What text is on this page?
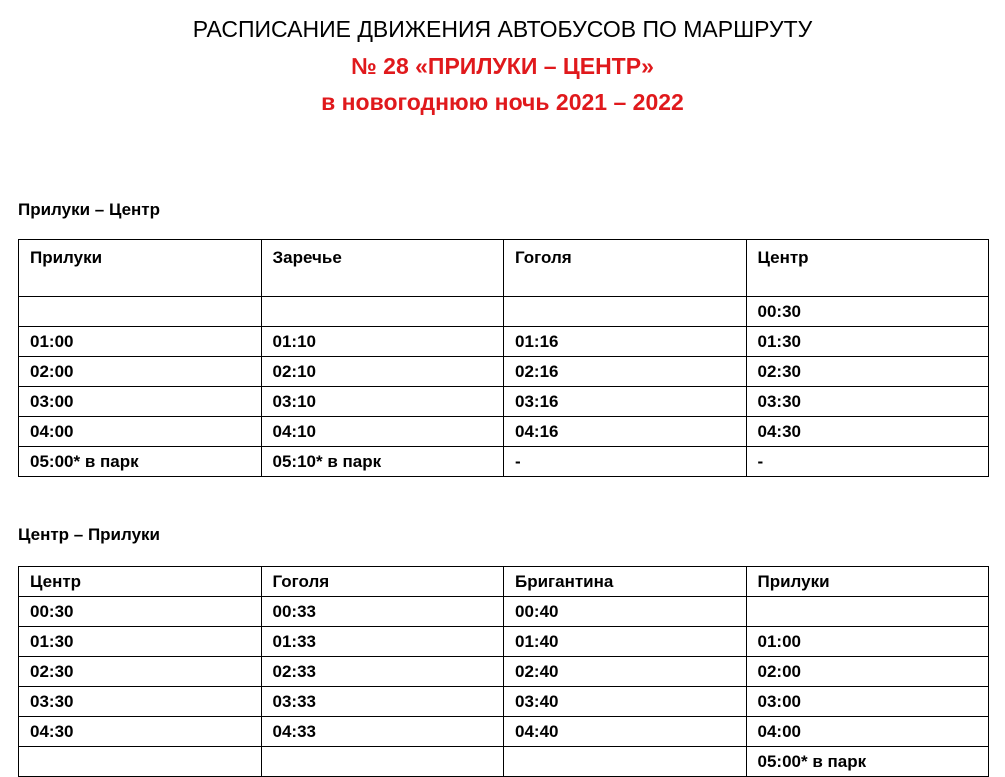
РАСПИСАНИЕ ДВИЖЕНИЯ АВТОБУСОВ ПО МАРШРУТУ
№ 28 «ПРИЛУКИ – ЦЕНТР»
в новогоднюю ночь 2021 – 2022
Прилуки – Центр
Прилуки	Заречье	Гоголя	Центр
			00:30
01:00	01:10	01:16	01:30
02:00	02:10	02:16	02:30
03:00	03:10	03:16	03:30
04:00	04:10	04:16	04:30
05:00* в парк	05:10* в парк	-	-
Центр – Прилуки
Центр	Гоголя	Бригантина	Прилуки
00:30	00:33	00:40	
01:30	01:33	01:40	01:00
02:30	02:33	02:40	02:00
03:30	03:33	03:40	03:00
04:30	04:33	04:40	04:00
			05:00* в парк
